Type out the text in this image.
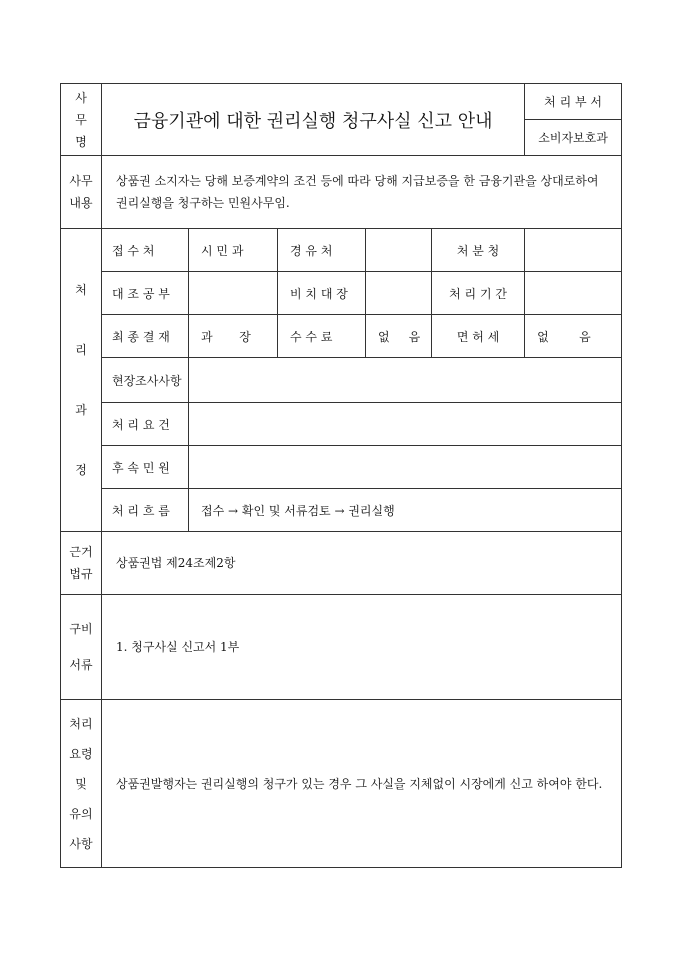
사
무
명	금융기관에 대한 권리실행 청구사실 신고 안내					처 리 부 서
						소비자보호과

사무
내용	상품권 소지자는 당해 보증계약의 조건 등에 따라 당해 지급보증을 한 금융기관을 상대로하여 권리실행을 청구하는 민원사무임.					

처
리
과
정	접 수 처	시 민 과	경 유 처		처 분 청	
	대 조 공 부		비 치 대 장		처 리 기 간	
	최 종 결 재	과       장	수 수 료	없     음	면 허 세	없        음
	현장조사사항					
	처 리 요 건					
	후 속 민 원					
	처 리 흐 름	접수 → 확인 및 서류검토 → 권리실행				

근거
법규	상품권법 제24조제2항					

구비
서류	1. 청구사실 신고서 1부					

처리
요령
및
유의
사항	상품권발행자는 권리실행의 청구가 있는 경우 그 사실을 지체없이 시장에게 신고 하여야 한다.					
